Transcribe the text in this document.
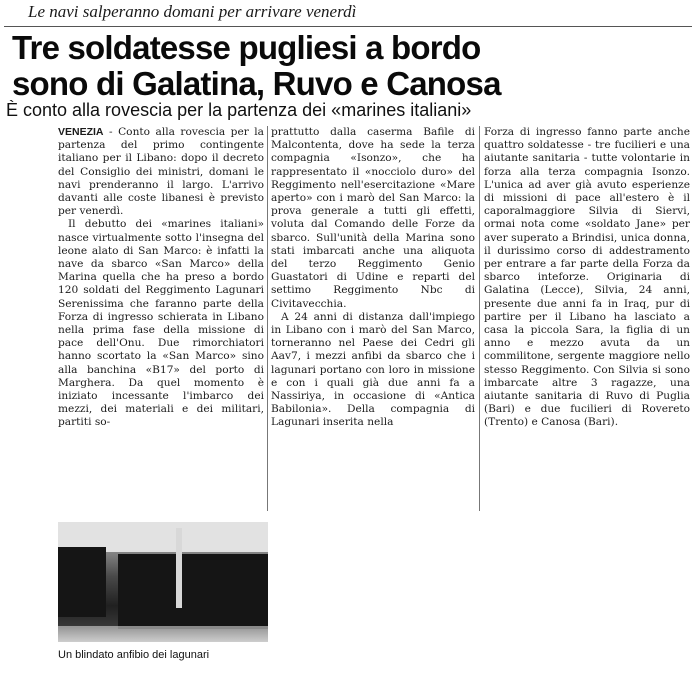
Le navi salperanno domani per arrivare venerdì
Tre soldatesse pugliesi a bordo
sono di Galatina, Ruvo e Canosa
È conto alla rovescia per la partenza dei «marines italiani»

VENEZIA - Conto alla rovescia per la partenza del primo contingente italiano per il Libano: dopo il decreto del Consiglio dei ministri, domani le navi prenderanno il largo. L'arrivo davanti alle coste libanesi è previsto per venerdì.

Il debutto dei «marines italiani» nasce virtualmente sotto l'insegna del leone alato di San Marco: è infatti la nave da sbarco «San Marco» della Marina quella che ha preso a bordo 120 soldati del Reggimento Lagunari Serenissima che faranno parte della Forza di ingresso schierata in Libano nella prima fase della missione di pace dell'Onu. Due rimorchiatori hanno scortato la «San Marco» sino alla banchina «B17» del porto di Marghera. Da quel momento è iniziato incessante l'imbarco dei mezzi, dei materiali e dei militari, partiti so-

prattutto dalla caserma Bafile di Malcontenta, dove ha sede la terza compagnia «Isonzo», che ha rappresentato il «nocciolo duro» del Reggimento nell'esercitazione «Mare aperto» con i marò del San Marco: la prova generale a tutti gli effetti, voluta dal Comando delle Forze da sbarco. Sull'unità della Marina sono stati imbarcati anche una aliquota del terzo Reggimento Genio Guastatori di Udine e reparti del settimo Reggimento Nbc di Civitavecchia.

A 24 anni di distanza dall'impiego in Libano con i marò del San Marco, torneranno nel Paese dei Cedri gli Aav7, i mezzi anfibi da sbarco che i lagunari portano con loro in missione e con i quali già due anni fa a Nassiriya, in occasione di «Antica Babilonia». Della compagnia di Lagunari inserita nella

Forza di ingresso fanno parte anche quattro soldatesse - tre fucilieri e una aiutante sanitaria - tutte volontarie in forza alla terza compagnia Isonzo. L'unica ad aver già avuto esperienze di missioni di pace all'estero è il caporalmaggiore Silvia di Siervi, ormai nota come «soldato Jane» per aver superato a Brindisi, unica donna, il durissimo corso di addestramento per entrare a far parte della Forza da sbarco inteforze. Originaria di Galatina (Lecce), Silvia, 24 anni, presente due anni fa in Iraq, pur di partire per il Libano ha lasciato a casa la piccola Sara, la figlia di un anno e mezzo avuta da un commilitone, sergente maggiore nello stesso Reggimento. Con Silvia si sono imbarcate altre 3 ragazze, una aiutante sanitaria di Ruvo di Puglia (Bari) e due fucilieri di Rovereto (Trento) e Canosa (Bari).

Un blindato anfibio dei lagunari
